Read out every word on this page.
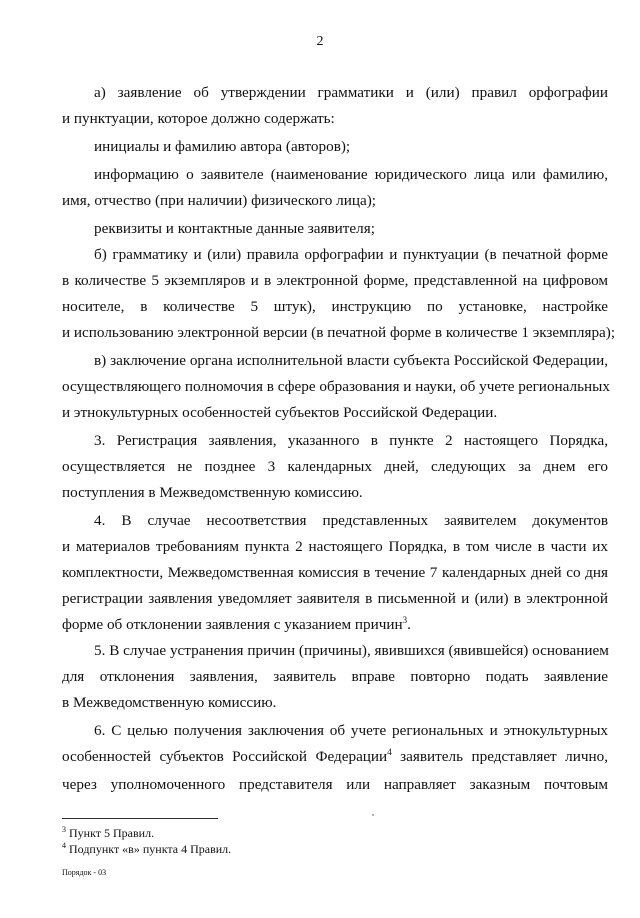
2
а) заявление об утверждении грамматики и (или) правил орфографии
и пунктуации, которое должно содержать:
инициалы и фамилию автора (авторов);
информацию о заявителе (наименование юридического лица или фамилию,
имя, отчество (при наличии) физического лица);
реквизиты и контактные данные заявителя;
б) грамматику и (или) правила орфографии и пунктуации (в печатной форме
в количестве 5 экземпляров и в электронной форме, представленной на цифровом
носителе, в количестве 5 штук), инструкцию по установке, настройке
и использованию электронной версии (в печатной форме в количестве 1 экземпляра);
в) заключение органа исполнительной власти субъекта Российской Федерации,
осуществляющего полномочия в сфере образования и науки, об учете региональных
и этнокультурных особенностей субъектов Российской Федерации.
3. Регистрация заявления, указанного в пункте 2 настоящего Порядка,
осуществляется не позднее 3 календарных дней, следующих за днем его
поступления в Межведомственную комиссию.
4. В случае несоответствия представленных заявителем документов
и материалов требованиям пункта 2 настоящего Порядка, в том числе в части их
комплектности, Межведомственная комиссия в течение 7 календарных дней со дня
регистрации заявления уведомляет заявителя в письменной и (или) в электронной
форме об отклонении заявления с указанием причин$^3$.
5. В случае устранения причин (причины), явившихся (явившейся) основанием
для отклонения заявления, заявитель вправе повторно подать заявление
в Межведомственную комиссию.
6. С целью получения заключения об учете региональных и этнокультурных
особенностей субъектов Российской Федерации$^4$ заявитель представляет лично,
через уполномоченного представителя или направляет заказным почтовым
$^3$ Пункт 5 Правил.
$^4$ Подпункт «в» пункта 4 Правил.
Порядок - 03
